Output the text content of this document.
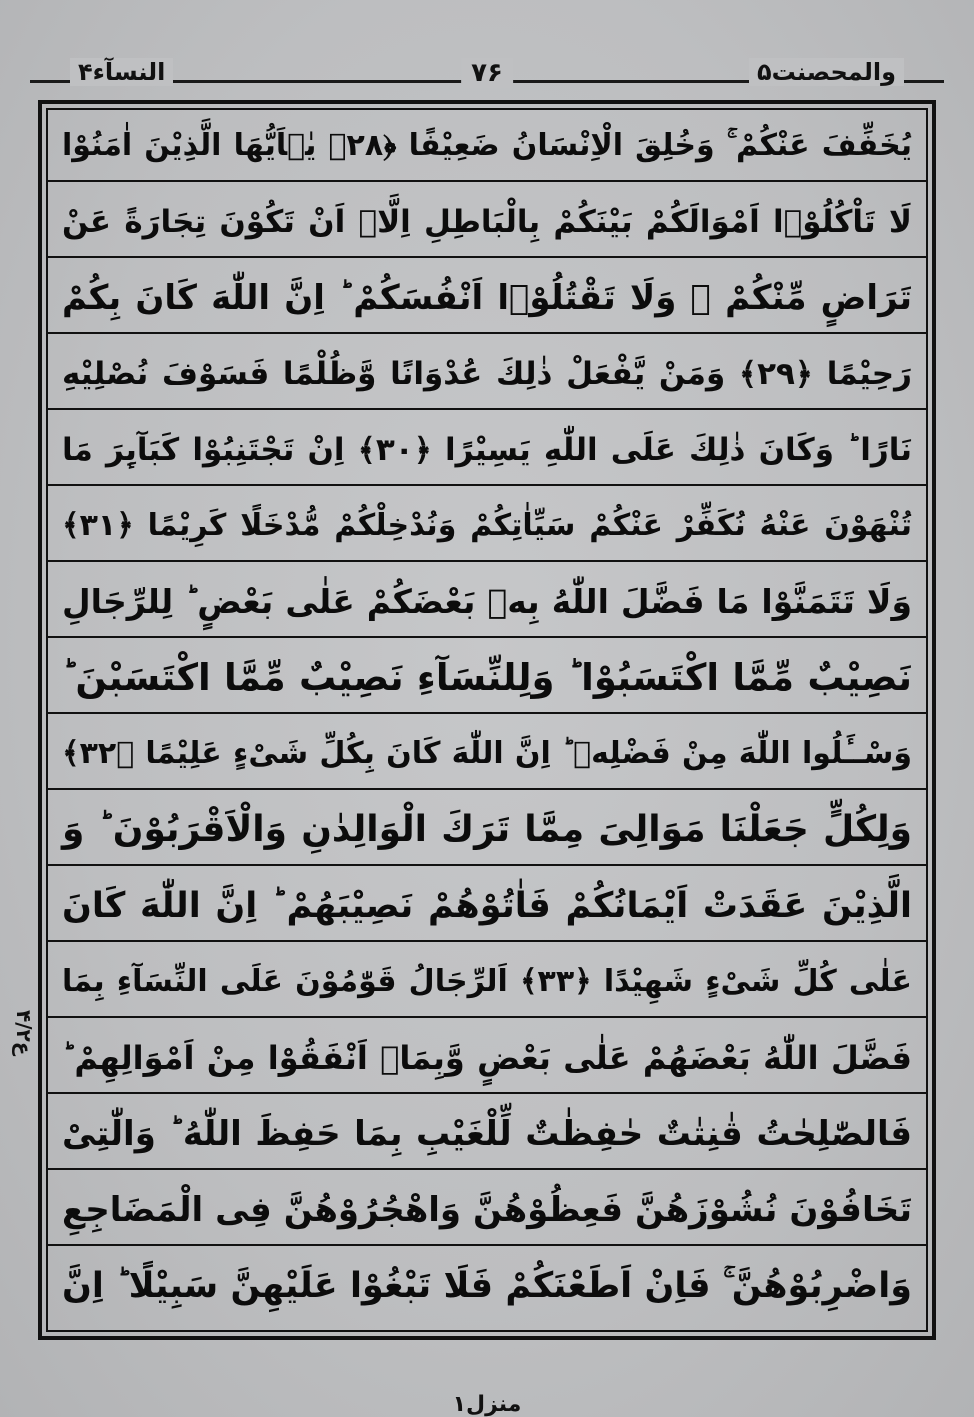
والمحصنت۵
۷۶
النسآء۴
ع۴/۲
یُخَفِّفَ عَنْكُمْ ۚ وَخُلِقَ الْاِنْسَانُ ضَعِیْفًا ﴿۲۸﴾ یٰۤاَیُّهَا الَّذِیْنَ اٰمَنُوْا
لَا تَاْكُلُوْۤا اَمْوَالَكُمْ بَیْنَكُمْ بِالْبَاطِلِ اِلَّاۤ اَنْ تَكُوْنَ تِجَارَةً عَنْ
تَرَاضٍ مِّنْكُمْ ۟ وَلَا تَقْتُلُوْۤا اَنْفُسَكُمْ ؕ اِنَّ اللّٰهَ كَانَ بِكُمْ
رَحِیْمًا ﴿۲۹﴾ وَمَنْ یَّفْعَلْ ذٰلِكَ عُدْوَانًا وَّظُلْمًا فَسَوْفَ نُصْلِیْهِ
نَارًا ؕ وَكَانَ ذٰلِكَ عَلَى اللّٰهِ یَسِیْرًا ﴿۳۰﴾ اِنْ تَجْتَنِبُوْا كَبَآىِٕرَ مَا
تُنْهَوْنَ عَنْهُ نُكَفِّرْ عَنْكُمْ سَیِّاٰتِكُمْ وَنُدْخِلْكُمْ مُّدْخَلًا كَرِیْمًا ﴿۳۱﴾
وَلَا تَتَمَنَّوْا مَا فَضَّلَ اللّٰهُ بِهٖ بَعْضَكُمْ عَلٰى بَعْضٍ ؕ لِلرِّجَالِ
نَصِیْبٌ مِّمَّا اكْتَسَبُوْا ؕ وَلِلنِّسَآءِ نَصِیْبٌ مِّمَّا اكْتَسَبْنَ ؕ
وَسْــَٔلُوا اللّٰهَ مِنْ فَضْلِهٖ ؕ اِنَّ اللّٰهَ كَانَ بِكُلِّ شَیْءٍ عَلِیْمًا ﴿۳۲﴾
وَلِكُلٍّ جَعَلْنَا مَوَالِیَ مِمَّا تَرَكَ الْوَالِدٰنِ وَالْاَقْرَبُوْنَ ؕ وَ
الَّذِیْنَ عَقَدَتْ اَیْمَانُكُمْ فَاٰتُوْهُمْ نَصِیْبَهُمْ ؕ اِنَّ اللّٰهَ كَانَ
عَلٰى كُلِّ شَیْءٍ شَهِیْدًا ﴿۳۳﴾ اَلرِّجَالُ قَوّٰمُوْنَ عَلَى النِّسَآءِ بِمَا
فَضَّلَ اللّٰهُ بَعْضَهُمْ عَلٰى بَعْضٍ وَّبِمَاۤ اَنْفَقُوْا مِنْ اَمْوَالِهِمْ ؕ
فَالصّٰلِحٰتُ قٰنِتٰتٌ حٰفِظٰتٌ لِّلْغَیْبِ بِمَا حَفِظَ اللّٰهُ ؕ وَالّٰتِیْ
تَخَافُوْنَ نُشُوْزَهُنَّ فَعِظُوْهُنَّ وَاهْجُرُوْهُنَّ فِی الْمَضَاجِعِ
وَاضْرِبُوْهُنَّ ۚ فَاِنْ اَطَعْنَكُمْ فَلَا تَبْغُوْا عَلَیْهِنَّ سَبِیْلًا ؕ اِنَّ
منزل۱
